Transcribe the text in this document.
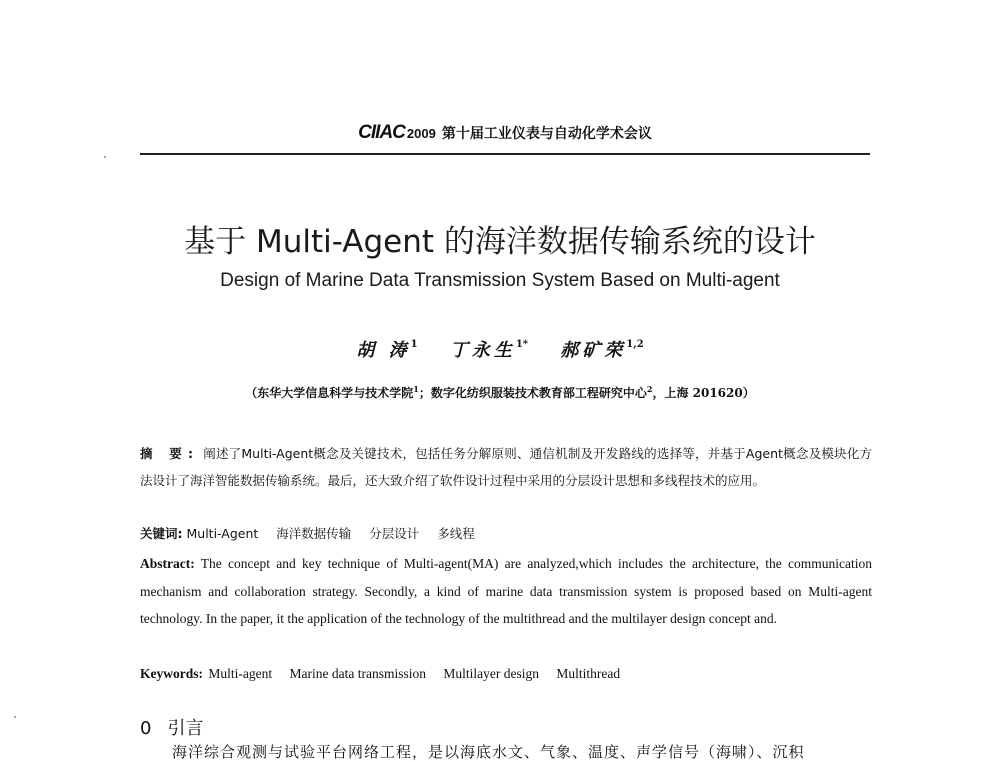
CIIAC 2009 第十届工业仪表与自动化学术会议
基于 Multi-Agent 的海洋数据传输系统的设计
Design of Marine Data Transmission System Based on Multi-agent
胡 涛$^1$ 丁永生$^{1*}$ 郝矿荣$^{1,2}$
（东华大学信息科学与技术学院$^1$；数字化纺织服装技术教育部工程研究中心$^2$，上海 201620）
摘 要: 阐述了Multi-Agent概念及关键技术，包括任务分解原则、通信机制及开发路线的选择等，并基于Agent概念及模块化方法设计了海洋智能数据传输系统。最后，还大致介绍了软件设计过程中采用的分层设计思想和多线程技术的应用。
关键词: Multi-Agent 海洋数据传输 分层设计 多线程
Abstract: The concept and key technique of Multi-agent(MA) are analyzed,which includes the architecture, the communication mechanism and collaboration strategy. Secondly, a kind of marine data transmission system is proposed based on Multi-agent technology. In the paper, it the application of the technology of the multithread and the multilayer design concept and.
Keywords: Multi-agent Marine data transmission Multilayer design Multithread
0 引言
海洋综合观测与试验平台网络工程，是以海底水文、气象、温度、声学信号（海啸）、沉积
